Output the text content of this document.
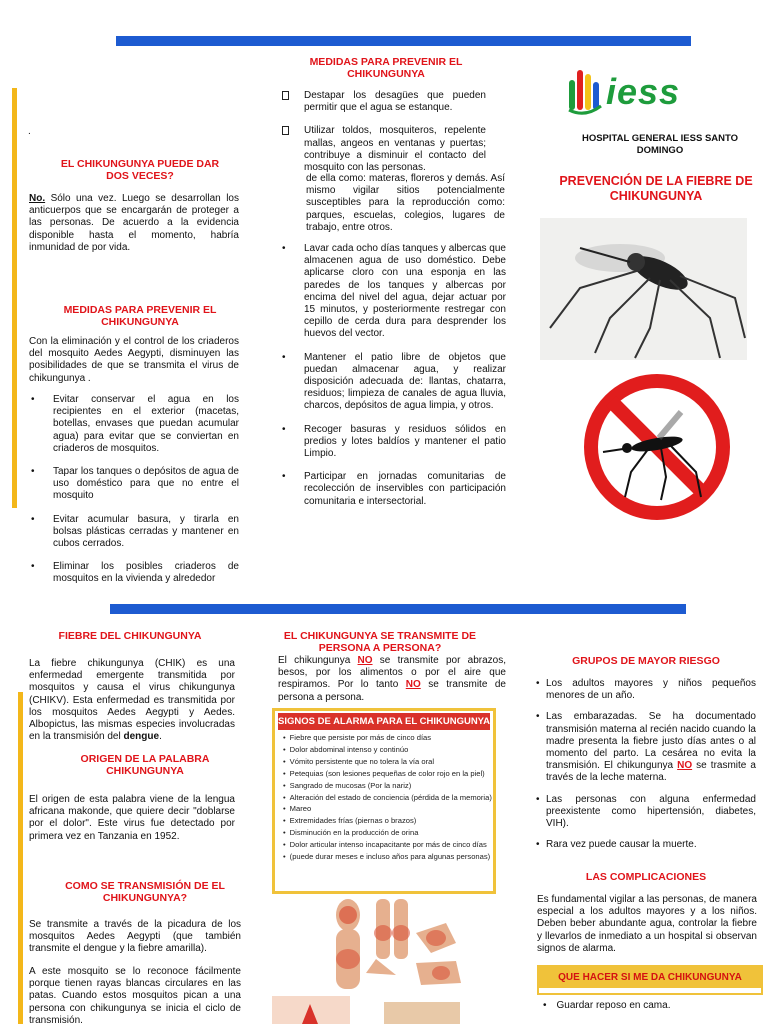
.
EL CHIKUNGUNYA PUEDE DAR DOS VECES?
No. Sólo una vez. Luego se desarrollan los anticuerpos que se encargarán de proteger a las personas. De acuerdo a la evidencia disponible hasta el momento, habría inmunidad de por vida.
MEDIDAS PARA PREVENIR EL CHIKUNGUNYA
Con la eliminación y el control de los criaderos del mosquito Aedes Aegypti, disminuyen las posibilidades de que se transmita el virus de chikungunya .
• Evitar conservar el agua en los recipientes en el exterior (macetas, botellas, envases que puedan acumular agua) para evitar que se conviertan en criaderos de mosquitos.
• Tapar los tanques o depósitos de agua de uso doméstico para que no entre el mosquito
• Evitar acumular basura, y tirarla en bolsas plásticas cerradas y mantener en cubos cerrados.
• Eliminar los posibles criaderos de mosquitos en la vivienda y alrededor
MEDIDAS PARA PREVENIR EL CHIKUNGUNYA
Destapar los desagües que pueden permitir que el agua se estanque.
Utilizar toldos, mosquiteros, repelente mallas, angeos en ventanas y puertas; contribuye a disminuir el contacto del mosquito con las personas.
de ella como: materas, floreros y demás. Así mismo vigilar sitios potencialmente susceptibles para la reproducción como: parques, escuelas, colegios, lugares de trabajo, entre otros.
• Lavar cada ocho días tanques y albercas que almacenen agua de uso doméstico. Debe aplicarse cloro con una esponja en las paredes de los tanques y albercas por encima del nivel del agua, dejar actuar por 15 minutos, y posteriormente restregar con cepillo de cerda dura para desprender los huevos del vector.
• Mantener el patio libre de objetos que puedan almacenar agua, y realizar disposición adecuada de: llantas, chatarra, residuos; limpieza de canales de agua lluvia, charcos, depósitos de agua limpia, y otros.
• Recoger basuras y residuos sólidos en predios y lotes baldíos y mantener el patio Limpio.
• Participar en jornadas comunitarias de recolección de inservibles con participación comunitaria e intersectorial.
iess
HOSPITAL GENERAL IESS SANTO DOMINGO
PREVENCIÓN DE LA FIEBRE DE CHIKUNGUNYA
FIEBRE DEL CHIKUNGUNYA
La fiebre chikungunya (CHIK) es una enfermedad emergente transmitida por mosquitos y causa el virus chikungunya (CHIKV). Esta enfermedad es transmitida por los mosquitos Aedes Aegypti y Aedes. Albopictus, las mismas especies involucradas en la transmisión del dengue.
ORIGEN DE LA PALABRA CHIKUNGUNYA
El origen de esta palabra viene de la lengua africana makonde, que quiere decir "doblarse por el dolor". Este virus fue detectado por primera vez en Tanzania en 1952.
COMO SE TRANSMISIÓN DE EL CHIKUNGUNYA?
Se transmite a través de la picadura de los mosquitos Aedes Aegypti (que también transmite el dengue y la fiebre amarilla).
A este mosquito se lo reconoce fácilmente porque tienen rayas blancas circulares en las patas. Cuando estos mosquitos pican a una persona con chikungunya se inicia el ciclo de transmisión.
EL CHIKUNGUNYA SE TRANSMITE DE PERSONA A PERSONA?
El chikungunya NO se transmite por abrazos, besos, por los alimentos o por el aire que respiramos. Por lo tanto NO se transmite de persona a persona.
SIGNOS DE ALARMA PARA EL CHIKUNGUNYA
• Fiebre que persiste por más de cinco días
• Dolor abdominal intenso y continúo
• Vómito persistente que no tolera la vía oral
• Petequias (son lesiones pequeñas de color rojo en la piel)
• Sangrado de mucosas (Por la nariz)
• Alteración del estado de conciencia (pérdida de la memoria)
• Mareo
• Extremidades frías (piernas o brazos)
• Disminución en la producción de orina
• Dolor articular intenso incapacitante por más de cinco días
• (puede durar meses e incluso años para algunas personas)
GRUPOS DE MAYOR RIESGO
• Los adultos mayores y niños pequeños menores de un año.
• Las embarazadas. Se ha documentado transmisión materna al recién nacido cuando la madre presenta la fiebre justo días antes o al momento del parto. La cesárea no evita la transmisión. El chikungunya NO se trasmite a través de la leche materna.
• Las personas con alguna enfermedad preexistente como hipertensión, diabetes, VIH).
• Rara vez puede causar la muerte.
LAS COMPLICACIONES
Es fundamental vigilar a las personas, de manera especial a los adultos mayores y a los niños. Deben beber abundante agua, controlar la fiebre y llevarlos de inmediato a un hospital si observan signos de alarma.
QUE HACER SI ME DA CHIKUNGUNYA
• Guardar reposo en cama.
